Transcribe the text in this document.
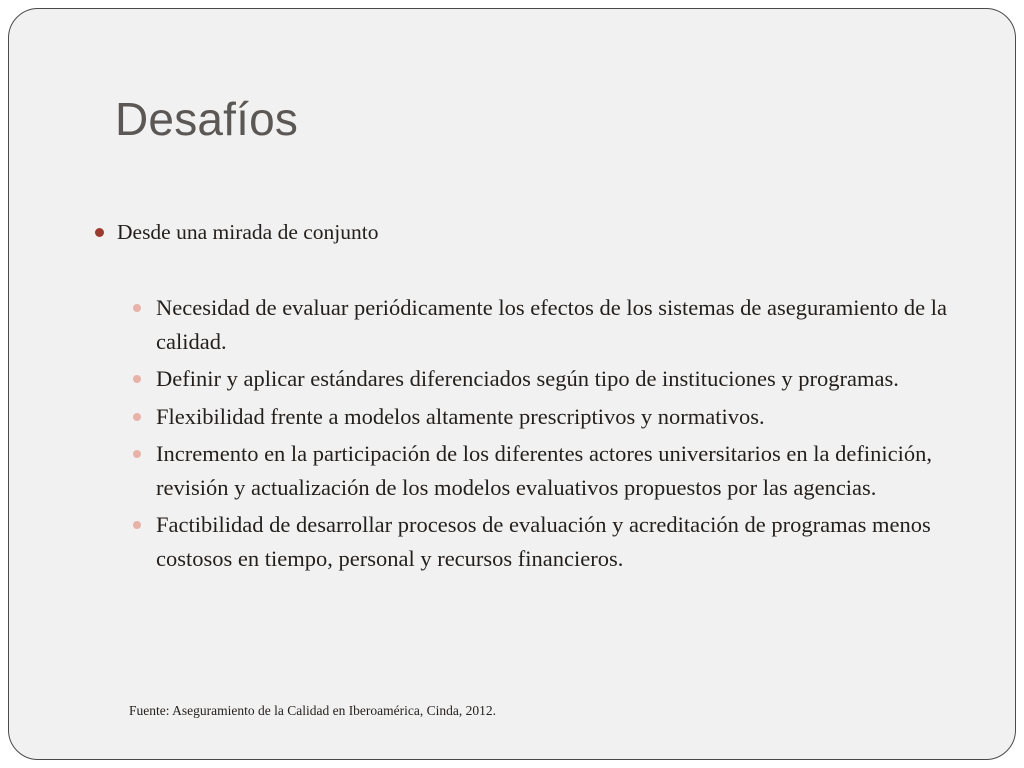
Desafíos
Desde una mirada de conjunto
Necesidad de evaluar periódicamente los efectos de los sistemas de aseguramiento de la calidad.
Definir y aplicar estándares diferenciados según tipo de instituciones y programas.
Flexibilidad frente a modelos altamente prescriptivos y normativos.
Incremento en la participación de los diferentes actores universitarios en la definición, revisión y actualización de los modelos evaluativos propuestos por las agencias.
Factibilidad de desarrollar procesos de evaluación y acreditación de programas menos costosos en tiempo, personal y recursos financieros.
Fuente: Aseguramiento de la Calidad en Iberoamérica, Cinda, 2012.
